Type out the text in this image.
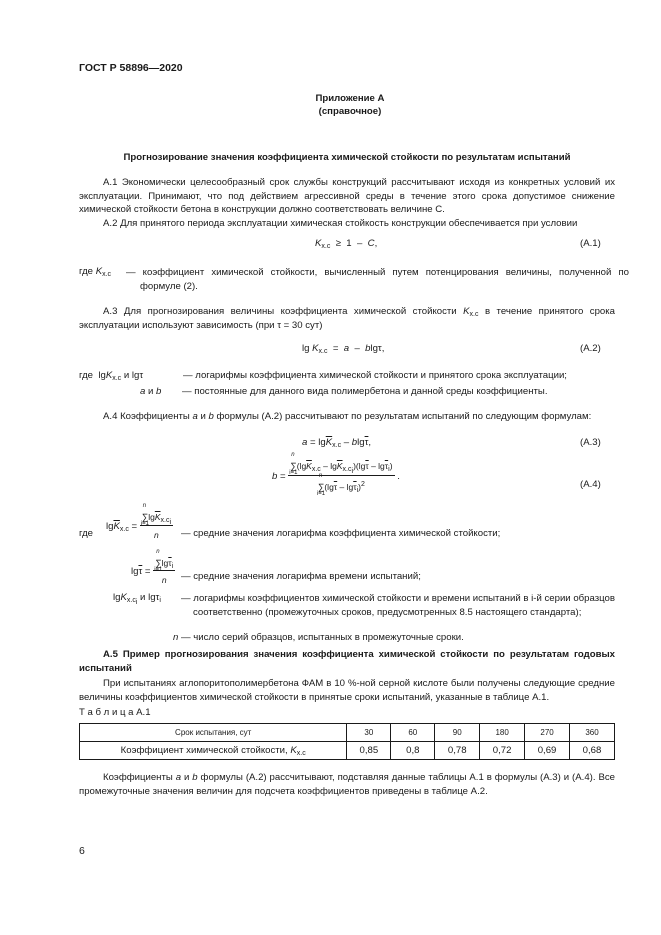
ГОСТ Р 58896—2020
Приложение А
(справочное)
Прогнозирование значения коэффициента химической стойкости по результатам испытаний
А.1 Экономически целесообразный срок службы конструкций рассчитывают исходя из конкретных условий их эксплуатации. Принимают, что под действием агрессивной среды в течение этого срока допустимое снижение химической стойкости бетона в конструкции должно соответствовать величине С.
А.2 Для принятого периода эксплуатации химическая стойкость конструкции обеспечивается при условии
$K_{х.с} \ge 1 - C$,	(А.1)
где $K_{х.с}$ — коэффициент химической стойкости, вычисленный путем потенцирования величины, полученной по формуле (2).
А.3 Для прогнозирования величины коэффициента химической стойкости $K_{х.с}$ в течение принятого срока эксплуатации используют зависимость (при τ = 30 сут)
$\lg K_{х.с} = a - blg\tau$,	(А.2)
где  lgK$_{х.с}$ и lgτ	— логарифмы коэффициента химической стойкости и принятого срока эксплуатации;
a и b — постоянные для данного вида полимербетона и данной среды коэффициенты.
А.4 Коэффициенты a и b формулы (А.2) рассчитывают по результатам испытаний по следующим формулам:
$a = \lg\overline{K}_{х.с} - blg\overline{\tau}$,	(А.3)
b = ∑
n
i=1
$(\lg\overline{K}_{х.с} - \lg\overline{K}_{х.с_i})(\lg\overline{\tau} - \lg\overline{\tau}_i)$
∑
n
i=1
$(\lg\overline{\tau} - \lg\overline{\tau}_i)^2$ .
(А.4)
где
$\lg\overline{K}_{х.с}$ = ∑
n
i=1
$\lg\overline{K}_{х.с_i}$
n — средние значения логарифма коэффициента химической стойкости;
$\lg\overline{\tau}$ = ∑
n
i=1
$\lg\overline{\tau}_i$
n — средние значения логарифма времени испытаний;
lgK$_{х.с_i}$ и lgτ$_i$ — логарифмы коэффициентов химической стойкости и времени испытаний в i-й серии образцов соответственно (промежуточных сроков, предусмотренных 8.5 настоящего стандарта);
n — число серий образцов, испытанных в промежуточные сроки.
А.5 Пример прогнозирования значения коэффициента химической стойкости по результатам годовых испытаний
При испытаниях аглопоритополимербетона ФАМ в 10 %-ной серной кислоте были получены следующие средние величины коэффициентов химической стойкости в принятые сроки испытаний, указанные в таблице А.1.
Т а б л и ц а А.1
Срок испытания, сут	30	60	90	180	270	360
Коэффициент химической стойкости, $K_{х.с}$	0,85	0,8	0,78	0,72	0,69	0,68
Коэффициенты a и b формулы (А.2) рассчитывают, подставляя данные таблицы А.1 в формулы (А.3) и (А.4). Все промежуточные значения величин для подсчета коэффициентов приведены в таблице А.2.
6
